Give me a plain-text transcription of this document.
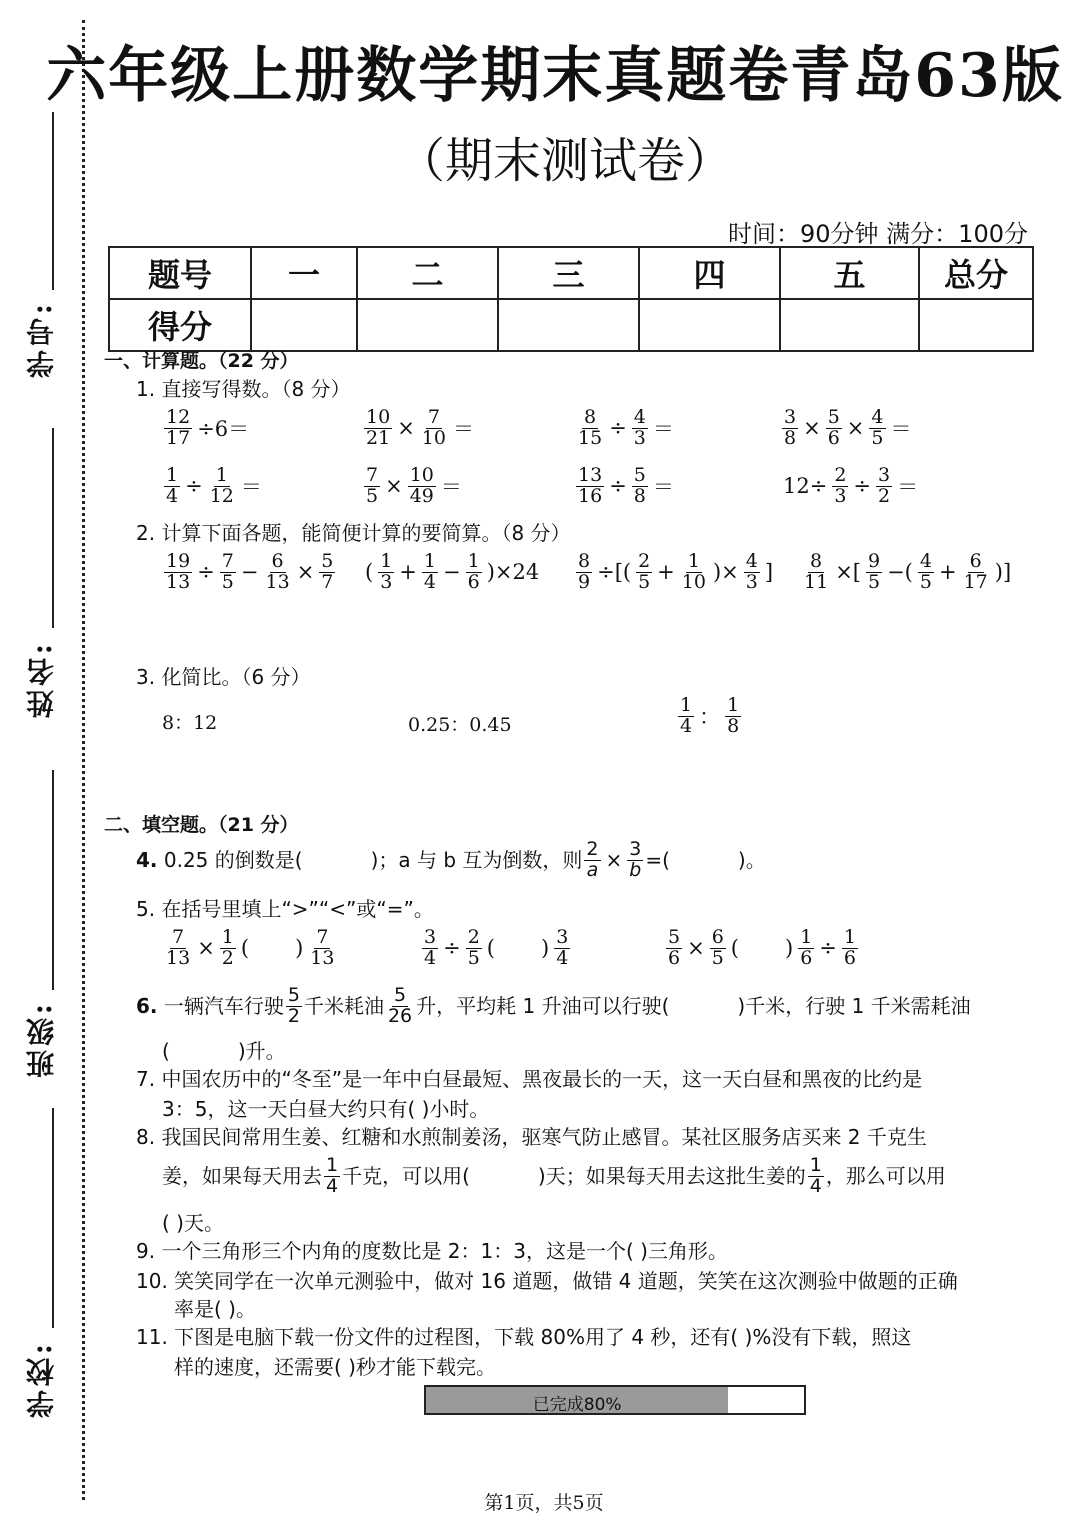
学号:
姓名:
班级:
学校:
六年级上册数学期末真题卷青岛63版
（期末测试卷）
时间：90分钟 满分：100分
题号	一	二	三	四	五	总分
得分						
一、计算题。（22 分）
1. 直接写得数。（8 分）
$\frac{12}{17} \div 6=$	$\frac{10}{21} \times \frac{7}{10}$ ＝	$\frac{8}{15} \div \frac{4}{3}$ ＝	$\frac{3}{8} \times \frac{5}{6} \times \frac{4}{5}$ ＝
$\frac{1}{4} \div \frac{1}{12}$ ＝	$\frac{7}{5} \times \frac{10}{49}$ ＝	$\frac{13}{16} \div \frac{5}{8}$ ＝	$12\div \frac{2}{3} \div \frac{3}{2}$ ＝
2. 计算下面各题，能简便计算的要简算。（8 分）
$\frac{19}{13} \div \frac{7}{5} - \frac{6}{13} \times \frac{5}{7}$ ( 1
$3 + \frac{1}{4} - \frac{1}{6} )\times 24 \frac{8}{9}$ ÷[( 2
$5 + \frac{1}{10}$ )× $\frac{4}{3}$ ] $\frac{8}{11}$ ×[ 9
5 −( 4
$5 + \frac{6}{17}$ )]
3. 化简比。（6 分）
8：12	0.25：0.45
1
4 ：
1
8
二、填空题。（21 分）
4.
0.25 的倒数是(	)；a 与 b 互为倒数，则 $\frac{2}{a} \times \frac{3}{b}$ =(	)。
5. 在括号里填上“>”“<”或“=”。
$\frac{7}{13} \times \frac{1}{2}$ ( ) 7
13	$\frac{3}{4} \div \frac{2}{5}$ ( ) 3
4	$\frac{5}{6} \times \frac{6}{5}$ ( ) $\frac{1}{6} \div \frac{1}{6}$
6.
一辆汽车行驶 5
2 千米耗油 5
26 升，平均耗 1 升油可以行驶(	)千米，行驶 1 千米需耗油
(	)升。
7. 中国农历中的“冬至”是一年中白昼最短、黑夜最长的一天，这一天白昼和黑夜的比约是
3：5，这一天白昼大约只有( )小时。
8. 我国民间常用生姜、红糖和水煎制姜汤，驱寒气防止感冒。某社区服务店买来 2 千克生
姜，如果每天用去 1
4 千克，可以用(	)天；如果每天用去这批生姜的 1
4 ，那么可以用
( )天。
9. 一个三角形三个内角的度数比是 2：1：3，这是一个( )三角形。
10. 笑笑同学在一次单元测验中，做对 16 道题，做错 4 道题，笑笑在这次测验中做题的正确
率是( )。
11. 下图是电脑下载一份文件的过程图，下载 80%用了 4 秒，还有( )%没有下载，照这
样的速度，还需要( )秒才能下载完。
已完成80%
第1页，共5页
